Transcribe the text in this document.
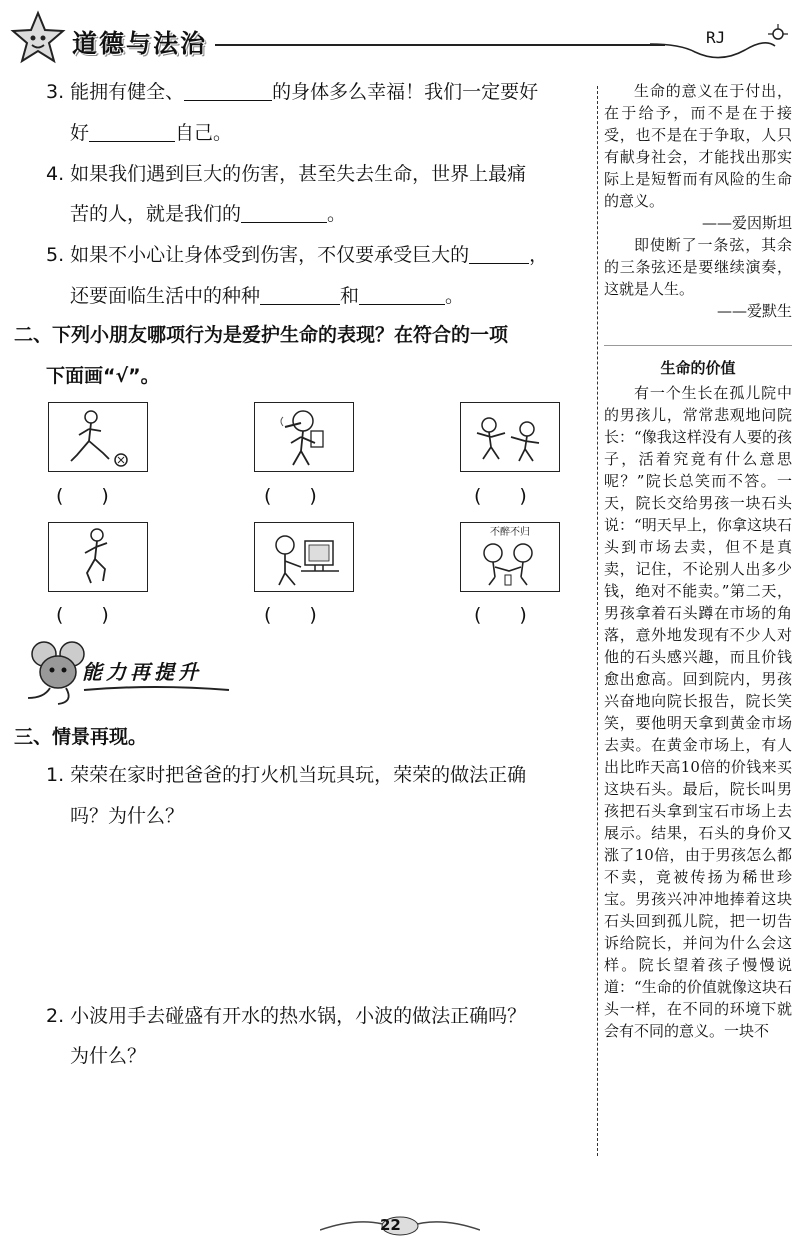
道德与法治	RJ
3. 能拥有健全、	的身体多么幸福！我们一定要好
好	自己。
4. 如果我们遇到巨大的伤害，甚至失去生命，世界上最痛
苦的人，就是我们的	。
5. 如果不小心让身体受到伤害，不仅要承受巨大的	，
还要面临生活中的种种	和	。
二、下列小朋友哪项行为是爱护生命的表现？在符合的一项
下面画“√”。
(　　)	(　　)	(　　)
(　　)	(　　)
不醉不归
(　　)
能力再提升
三、情景再现。
1. 荣荣在家时把爸爸的打火机当玩具玩，荣荣的做法正确
吗？为什么？
2. 小波用手去碰盛有开水的热水锅，小波的做法正确吗？
为什么？

生命的意义在于付出，在于给予，而不是在于接受，也不是在于争取，人只有献身社会，才能找出那实际上是短暂而有风险的生命的意义。

——爱因斯坦

即使断了一条弦，其余的三条弦还是要继续演奏，这就是人生。

——爱默生

生命的价值

有一个生长在孤儿院中的男孩儿，常常悲观地问院长：“像我这样没有人要的孩子，活着究竟有什么意思呢？”院长总笑而不答。一天，院长交给男孩一块石头说：“明天早上，你拿这块石头到市场去卖，但不是真卖，记住，不论别人出多少钱，绝对不能卖。”第二天，男孩拿着石头蹲在市场的角落，意外地发现有不少人对他的石头感兴趣，而且价钱愈出愈高。回到院内，男孩兴奋地向院长报告，院长笑笑，要他明天拿到黄金市场去卖。在黄金市场上，有人出比昨天高10倍的价钱来买这块石头。最后，院长叫男孩把石头拿到宝石市场上去展示。结果，石头的身价又涨了10倍，由于男孩怎么都不卖，竟被传扬为稀世珍宝。男孩兴冲冲地捧着这块石头回到孤儿院，把一切告诉给院长，并问为什么会这样。院长望着孩子慢慢说道：“生命的价值就像这块石头一样，在不同的环境下就会有不同的意义。一块不

22
